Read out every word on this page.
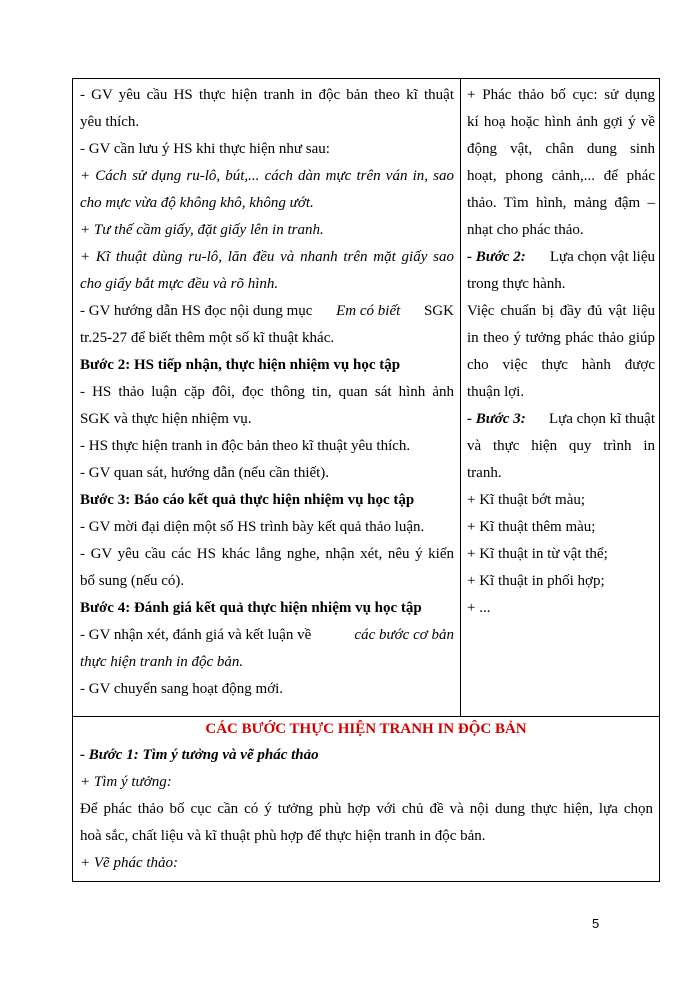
- GV yêu cầu HS thực hiện tranh in độc bản theo kĩ thuật
yêu thích.
- GV cần lưu ý HS khi thực hiện như sau:
+ Cách sử dụng ru-lô, bút,... cách dàn mực trên ván in, sao
cho mực vừa độ không khô, không ướt.
+ Tư thế cầm giấy, đặt giấy lên in tranh.
+ Kĩ thuật dùng ru-lô, lăn đều và nhanh trên mặt giấy sao
cho giấy bắt mực đều và rõ hình.
- GV hướng dẫn HS đọc nội dung mục Em có biết SGK
tr.25-27 để biết thêm một số kĩ thuật khác.
Bước 2: HS tiếp nhận, thực hiện nhiệm vụ học tập
- HS thảo luận cặp đôi, đọc thông tin, quan sát hình ảnh
SGK và thực hiện nhiệm vụ.
- HS thực hiện tranh in độc bản theo kĩ thuật yêu thích.
- GV quan sát, hướng dẫn (nếu cần thiết).
Bước 3: Báo cáo kết quả thực hiện nhiệm vụ học tập
- GV mời đại diện một số HS trình bày kết quả thảo luận.
- GV yêu cầu các HS khác lắng nghe, nhận xét, nêu ý kiến
bổ sung (nếu có).
Bước 4: Đánh giá kết quả thực hiện nhiệm vụ học tập
- GV nhận xét, đánh giá và kết luận về	các bước cơ bản
thực hiện tranh in độc bản.
- GV chuyển sang hoạt động mới.
+ Phác thảo bố cục: sử dụng
kí hoạ hoặc hình ảnh gợi ý về
động vật, chân dung sinh
hoạt, phong cảnh,... để phác
thảo. Tìm hình, mảng đậm –
nhạt cho phác thảo.
- Bước 2: Lựa chọn vật liệu
trong thực hành.
Việc chuẩn bị đầy đủ vật liệu
in theo ý tưởng phác thảo giúp
cho việc thực hành được
thuận lợi.
- Bước 3: Lựa chọn kĩ thuật
và thực hiện quy trình in
tranh.
+ Kĩ thuật bớt màu;
+ Kĩ thuật thêm màu;
+ Kĩ thuật in từ vật thể;
+ Kĩ thuật in phối hợp;
+ ...
CÁC BƯỚC THỰC HIỆN TRANH IN ĐỘC BẢN
- Bước 1: Tìm ý tưởng và vẽ phác thảo
+ Tìm ý tưởng:
Để phác thảo bố cục cần có ý tưởng phù hợp với chủ đề và nội dung thực hiện, lựa chọn
hoà sắc, chất liệu và kĩ thuật phù hợp để thực hiện tranh in độc bản.
+ Vẽ phác thảo:
5
